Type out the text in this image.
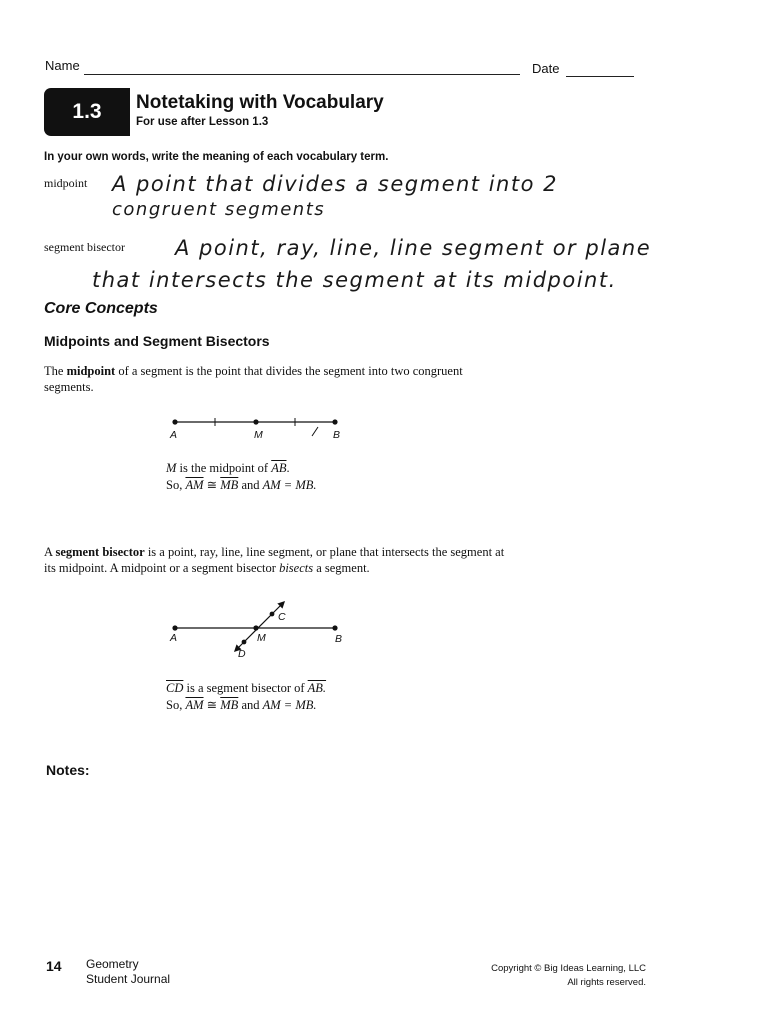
Name	Date
1.3	Notetaking with Vocabulary
For use after Lesson 1.3
In your own words, write the meaning of each vocabulary term.
midpoint A point that divides a segment into 2
congruent segments
segment bisector A point, ray, line, line segment or plane
that intersects the segment at its midpoint.
Core Concepts
Midpoints and Segment Bisectors
The midpoint of a segment is the point that divides the segment into two congruent segments.
A	M	B
M is the midpoint of $\overline{AB}$.
So, $\overline{AM}$ ≅ $\overline{MB}$ and AM = MB.
A segment bisector is a point, ray, line, line segment, or plane that intersects the segment at its midpoint. A midpoint or a segment bisector bisects a segment.
A	M	B
C
D
$\overline{CD}$ is a segment bisector of AB.
So, $\overline{AM}$ ≅ $\overline{MB}$ and AM = MB.
Notes:
14 Geometry
Student Journal
Copyright © Big Ideas Learning, LLC
All rights reserved.
